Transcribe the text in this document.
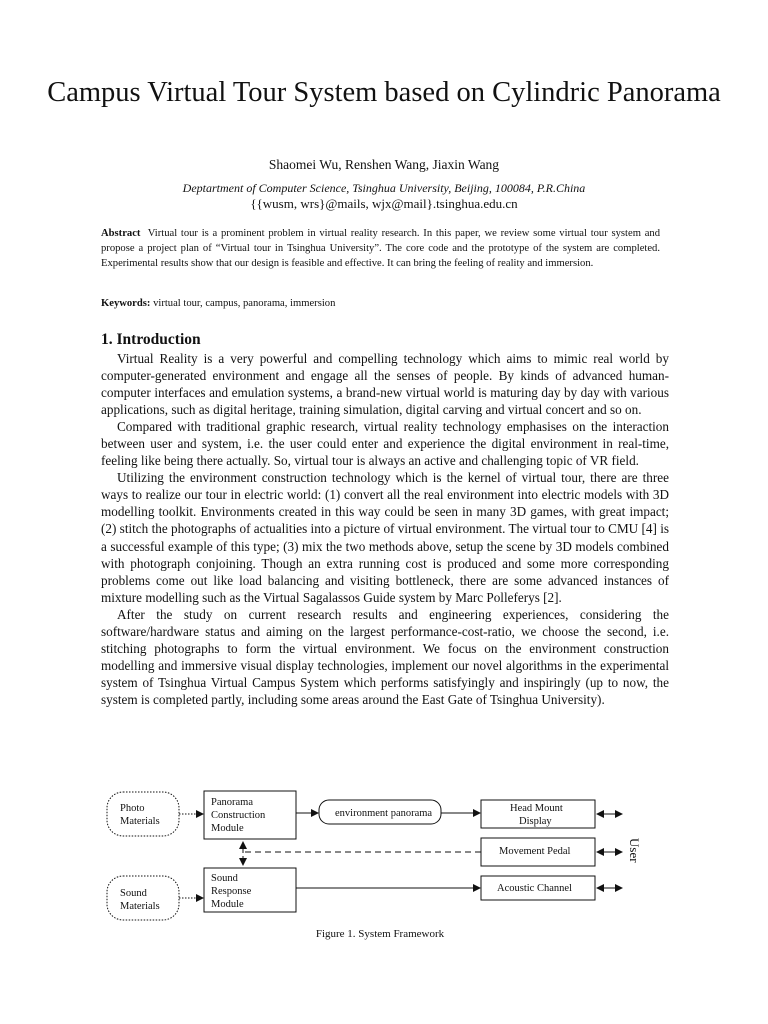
Campus Virtual Tour System based on Cylindric Panorama
Shaomei Wu, Renshen Wang, Jiaxin Wang
Deptartment of Computer Science, Tsinghua University, Beijing, 100084, P.R.China
{{wusm, wrs}@mails, wjx@mail}.tsinghua.edu.cn
Abstract Virtual tour is a prominent problem in virtual reality research. In this paper, we review some virtual tour system and propose a project plan of “Virtual tour in Tsinghua University”. The core code and the prototype of the system are completed. Experimental results show that our design is feasible and effective. It can bring the feeling of reality and immersion.
Keywords: virtual tour, campus, panorama, immersion
1. Introduction

Virtual Reality is a very powerful and compelling technology which aims to mimic real world by computer-generated environment and engage all the senses of people. By kinds of advanced human-computer interfaces and emulation systems, a brand-new virtual world is maturing day by day with various applications, such as digital heritage, training simulation, digital carving and virtual concert and so on.

Compared with traditional graphic research, virtual reality technology emphasises on the interaction between user and system, i.e. the user could enter and experience the digital environment in real-time, feeling like being there actually. So, virtual tour is always an active and challenging topic of VR field.

Utilizing the environment construction technology which is the kernel of virtual tour, there are three ways to realize our tour in electric world: (1) convert all the real environment into electric models with 3D modelling toolkit. Environments created in this way could be seen in many 3D games, with great impact; (2) stitch the photographs of actualities into a picture of virtual environment. The virtual tour to CMU [4] is a successful example of this type; (3) mix the two methods above, setup the scene by 3D models combined with photograph conjoining. Though an extra running cost is produced and some more corresponding problems come out like load balancing and visiting bottleneck, there are some advanced instances of mixture modelling such as the Virtual Sagalassos Guide system by Marc Polleferys [2].

After the study on current research results and engineering experiences, considering the software/hardware status and aiming on the largest performance-cost-ratio, we choose the second, i.e. stitching photographs to form the virtual environment. We focus on the environment construction modelling and immersive visual display technologies, implement our novel algorithms in the experimental system of Tsinghua Virtual Campus System which performs satisfyingly and inspiringly (up to now, the system is completed partly, including some areas around the East Gate of Tsinghua University).

Photo
Materials
Panorama
Construction
Module
environment panorama	Head Mount
Display
Movement Pedal
Sound
Materials
Sound
Response
Module
Acoustic Channel
User
Figure 1. System Framework
